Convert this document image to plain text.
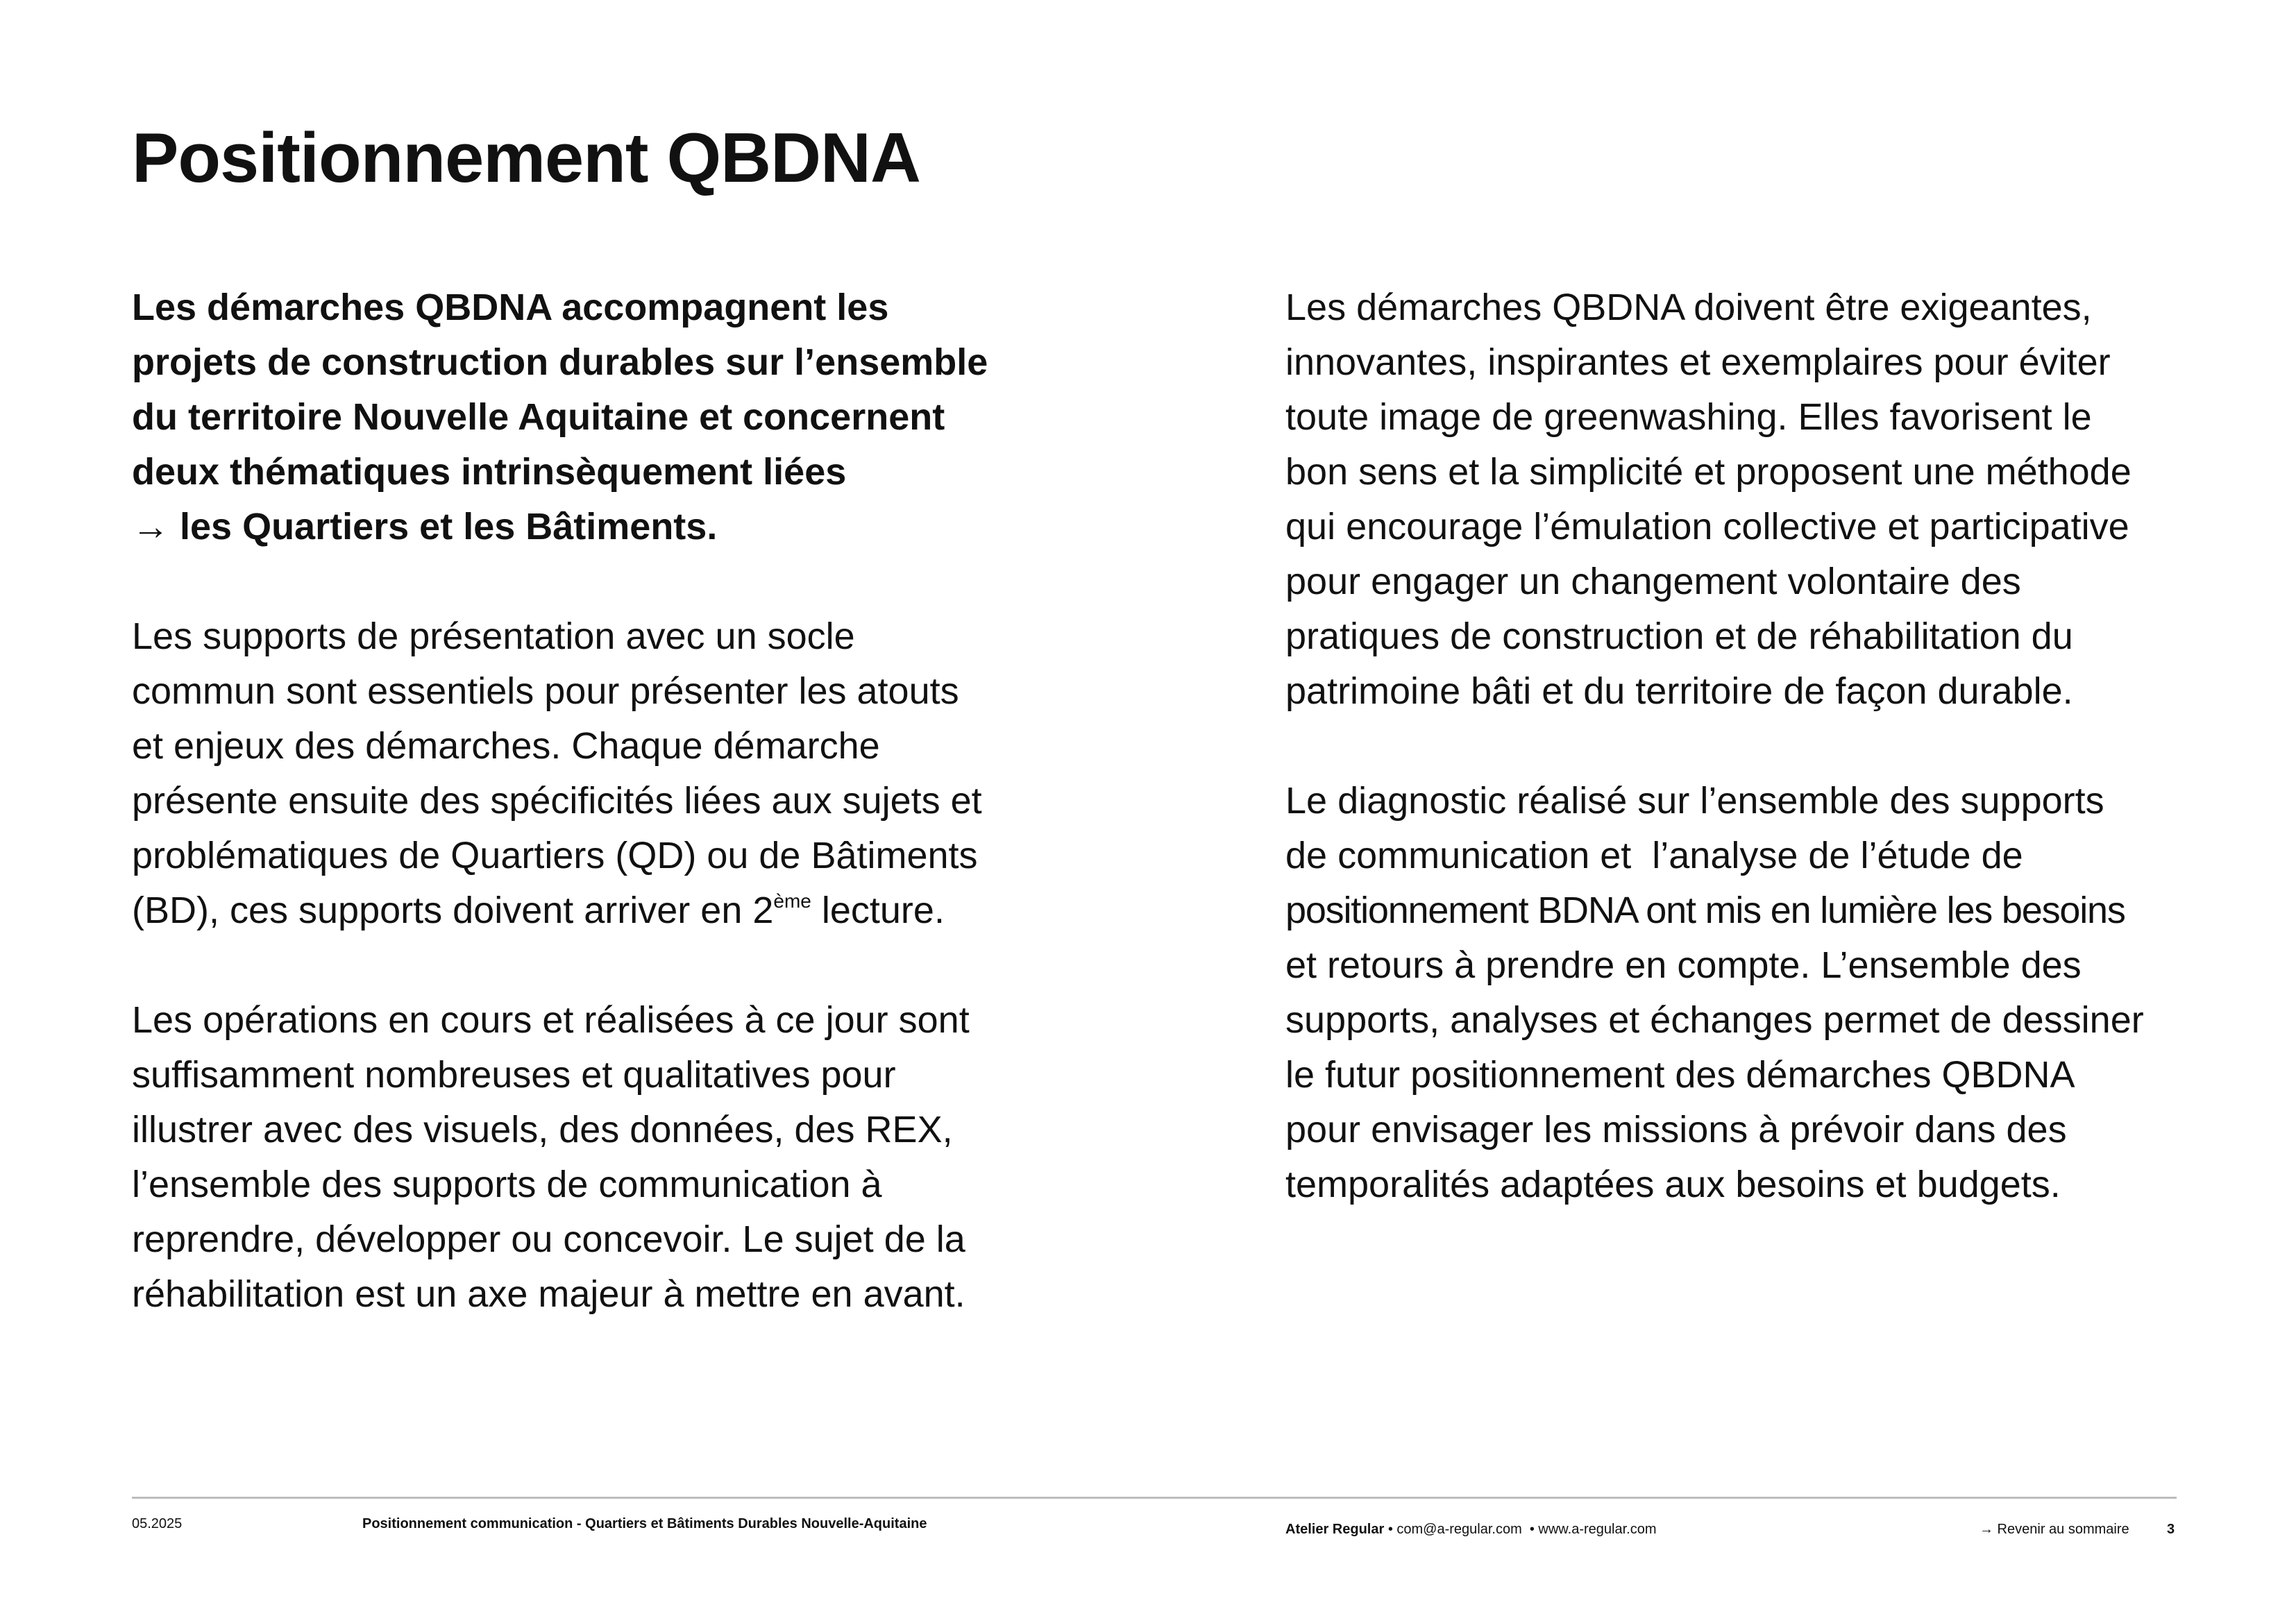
Positionnement QBDNA

Les démarches QBDNA accompagnent les
projets de construction durables sur l’ensemble
du territoire Nouvelle Aquitaine et concernent
deux thématiques intrinsèquement liées
→ les Quartiers et les Bâtiments.

Les supports de présentation avec un socle
commun sont essentiels pour présenter les atouts
et enjeux des démarches. Chaque démarche
présente ensuite des spécificités liées aux sujets et
problématiques de Quartiers (QD) ou de Bâtiments
(BD), ces supports doivent arriver en 2ème lecture.

Les opérations en cours et réalisées à ce jour sont
suffisamment nombreuses et qualitatives pour
illustrer avec des visuels, des données, des REX,
l’ensemble des supports de communication à
reprendre, développer ou concevoir. Le sujet de la
réhabilitation est un axe majeur à mettre en avant.

Les démarches QBDNA doivent être exigeantes,
innovantes, inspirantes et exemplaires pour éviter
toute image de greenwashing. Elles favorisent le
bon sens et la simplicité et proposent une méthode
qui encourage l’émulation collective et participative
pour engager un changement volontaire des
pratiques de construction et de réhabilitation du
patrimoine bâti et du territoire de façon durable.

Le diagnostic réalisé sur l’ensemble des supports
de communication et  l’analyse de l’étude de
positionnement BDNA ont mis en lumière les besoins
et retours à prendre en compte. L’ensemble des
supports, analyses et échanges permet de dessiner
le futur positionnement des démarches QBDNA
pour envisager les missions à prévoir dans des
temporalités adaptées aux besoins et budgets.

05.2025	Positionnement communication - Quartiers et Bâtiments Durables Nouvelle-Aquitaine	Atelier Regular • com@a-regular.com  • www.a-regular.com	→ Revenir au sommaire	3
